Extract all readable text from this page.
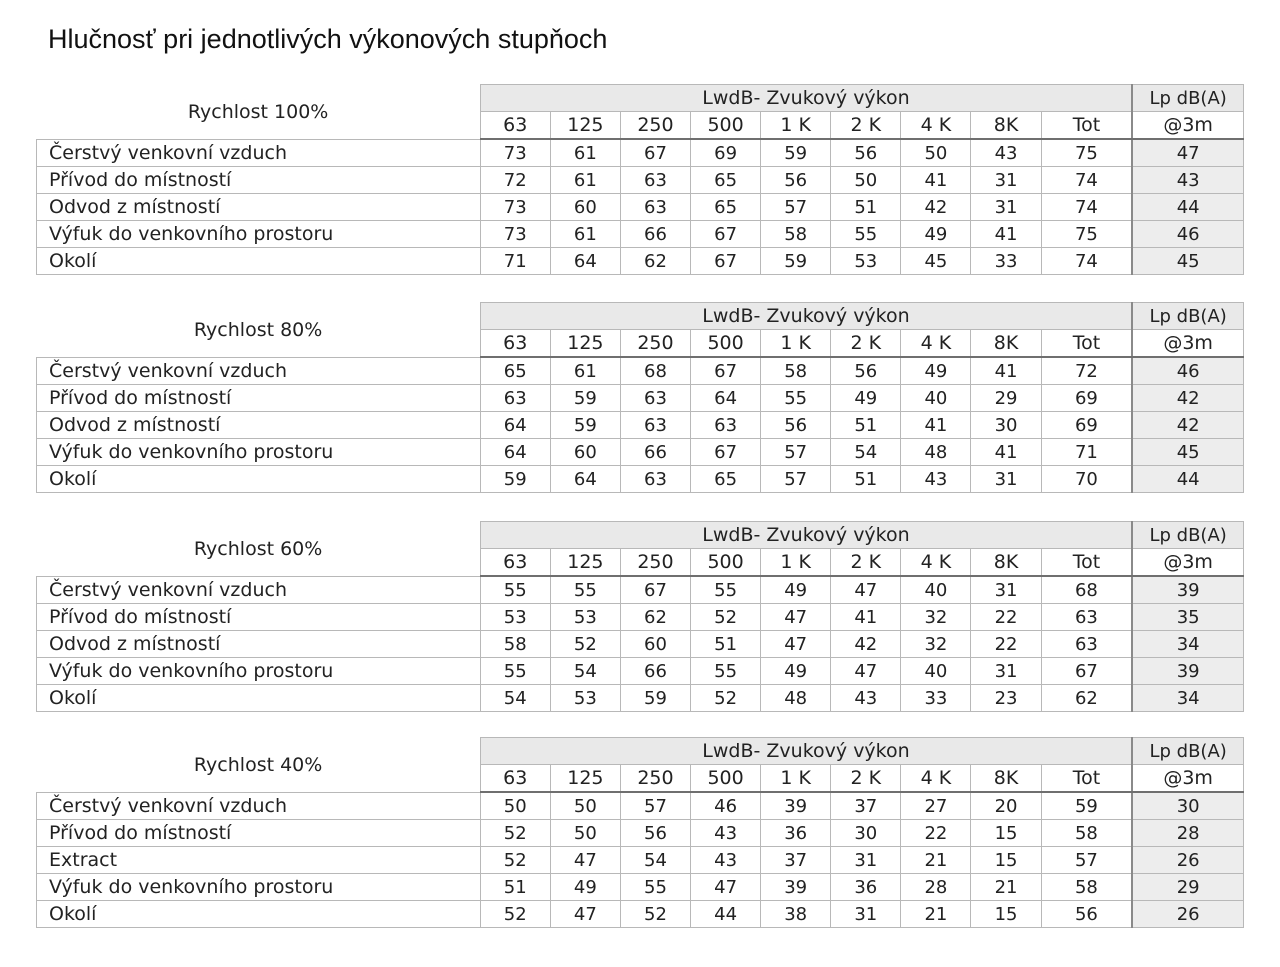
Hlučnosť pri jednotlivých výkonových stupňoch
Rychlost 100%	LwdB- Zvukový výkon									Lp dB(A)
	63	125	250	500	1 K	2 K	4 K	8K	Tot	@3m
Čerstvý venkovní vzduch	73	61	67	69	59	56	50	43	75	47
Přívod do místností	72	61	63	65	56	50	41	31	74	43
Odvod z místností	73	60	63	65	57	51	42	31	74	44
Výfuk do venkovního prostoru	73	61	66	67	58	55	49	41	75	46
Okolí	71	64	62	67	59	53	45	33	74	45
Rychlost 80%	LwdB- Zvukový výkon									Lp dB(A)
	63	125	250	500	1 K	2 K	4 K	8K	Tot	@3m
Čerstvý venkovní vzduch	65	61	68	67	58	56	49	41	72	46
Přívod do místností	63	59	63	64	55	49	40	29	69	42
Odvod z místností	64	59	63	63	56	51	41	30	69	42
Výfuk do venkovního prostoru	64	60	66	67	57	54	48	41	71	45
Okolí	59	64	63	65	57	51	43	31	70	44
Rychlost 60%	LwdB- Zvukový výkon									Lp dB(A)
	63	125	250	500	1 K	2 K	4 K	8K	Tot	@3m
Čerstvý venkovní vzduch	55	55	67	55	49	47	40	31	68	39
Přívod do místností	53	53	62	52	47	41	32	22	63	35
Odvod z místností	58	52	60	51	47	42	32	22	63	34
Výfuk do venkovního prostoru	55	54	66	55	49	47	40	31	67	39
Okolí	54	53	59	52	48	43	33	23	62	34
Rychlost 40%	LwdB- Zvukový výkon									Lp dB(A)
	63	125	250	500	1 K	2 K	4 K	8K	Tot	@3m
Čerstvý venkovní vzduch	50	50	57	46	39	37	27	20	59	30
Přívod do místností	52	50	56	43	36	30	22	15	58	28
Extract	52	47	54	43	37	31	21	15	57	26
Výfuk do venkovního prostoru	51	49	55	47	39	36	28	21	58	29
Okolí	52	47	52	44	38	31	21	15	56	26
